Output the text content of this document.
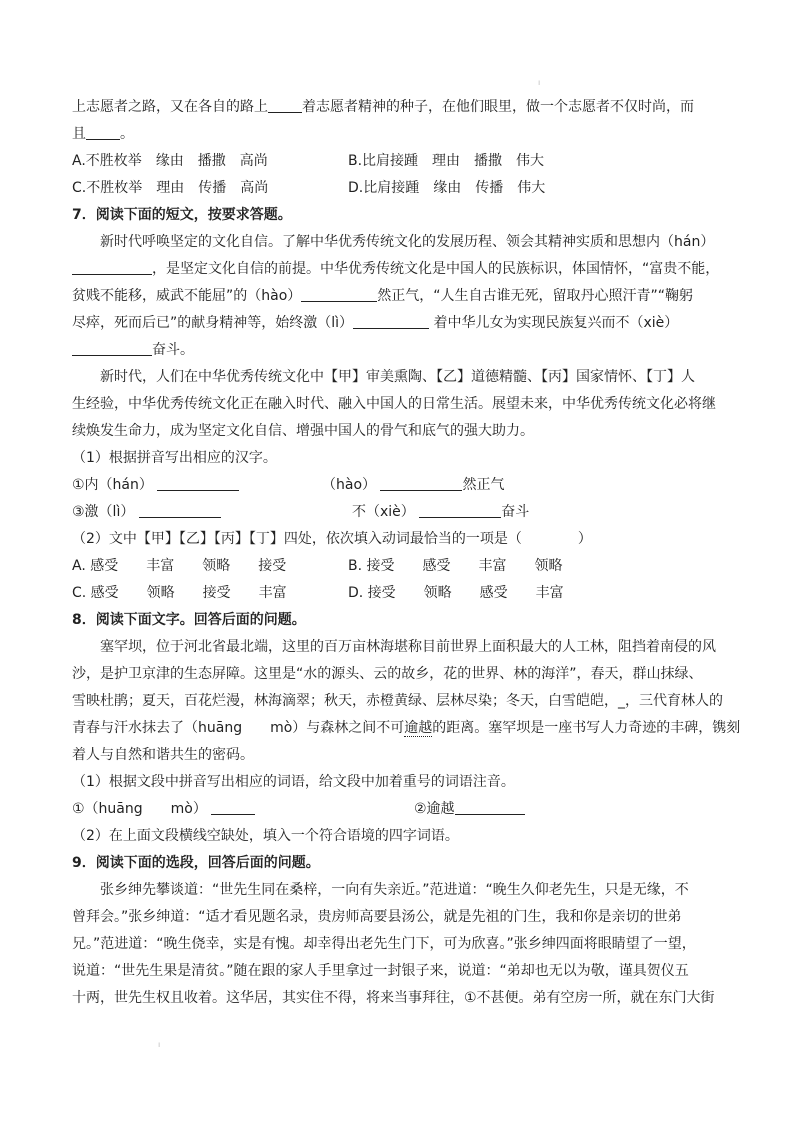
ı
ı
上志愿者之路，又在各自的路上 着志愿者精神的种子，在他们眼里，做一个志愿者不仅时尚，而
且 。
A.不胜枚举　缘由　播撒　高尚	B.比肩接踵　理由　播撒　伟大
C.不胜枚举　理由　传播　高尚	D.比肩接踵　缘由　传播　伟大
7．阅读下面的短文，按要求答题。
新时代呼唤坚定的文化自信。了解中华优秀传统文化的发展历程、领会其精神实质和思想内（hán）
，是坚定文化自信的前提。中华优秀传统文化是中国人的民族标识，体国情怀，“富贵不能，
贫贱不能移，威武不能屈”的（hào）	然正气，“人生自古谁无死，留取丹心照汗青”“鞠躬
尽瘁，死而后已”的献身精神等，始终激（lì）	着中华儿女为实现民族复兴而不（xiè）
奋斗。
新时代，人们在中华优秀传统文化中【甲】审美熏陶、【乙】道德精髓、【丙】国家情怀、【丁】人
生经验，中华优秀传统文化正在融入时代、融入中国人的日常生活。展望未来，中华优秀传统文化必将继
续焕发生命力，成为坚定文化自信、增强中国人的骨气和底气的强大助力。
（1）根据拼音写出相应的汉字。
①内（hán）	（hào）	然正气
③激（lì）	不（xiè）	奋斗
（2）文中【甲】【乙】【丙】【丁】四处，依次填入动词最恰当的一项是（　　　　）
A. 感受　　丰富　　领略　　接受	B. 接受　　感受　　丰富　　领略
C. 感受　　领略　　接受　　丰富	D. 接受　　领略　　感受　　丰富
8．阅读下面文字。回答后面的问题。
塞罕坝，位于河北省最北端，这里的百万亩林海堪称目前世界上面积最大的人工林，阻挡着南侵的风
沙，是护卫京津的生态屏障。这里是“水的源头、云的故乡，花的世界、林的海洋”，春天，群山抹绿、
雪映杜鹃；夏天，百花烂漫，林海滴翠；秋天，赤橙黄绿、层林尽染；冬天，白雪皑皑，_，三代育林人的
青春与汗水抹去了（huāng　　mò）与森林之间不可逾越的距离。塞罕坝是一座书写人力奇迹的丰碑，镌刻
着人与自然和谐共生的密码。
（1）根据文段中拼音写出相应的词语，给文段中加着重号的词语注音。
①（huāng　　mò）	②逾越
（2）在上面文段横线空缺处，填入一个符合语境的四字词语。
9．阅读下面的选段，回答后面的问题。
张乡绅先攀谈道：“世先生同在桑梓，一向有失亲近。”范进道：“晚生久仰老先生，只是无缘，不
曾拜会。”张乡绅道：“适才看见题名录，贵房师高要县汤公，就是先祖的门生，我和你是亲切的世弟
兄。”范进道：“晚生侥幸，实是有愧。却幸得出老先生门下，可为欣喜。”张乡绅四面将眼睛望了一望，
说道：“世先生果是清贫。”随在跟的家人手里拿过一封银子来，说道：“弟却也无以为敬，谨具贺仪五
十两，世先生权且收着。这华居，其实住不得，将来当事拜往，①不甚便。弟有空房一所，就在东门大街
